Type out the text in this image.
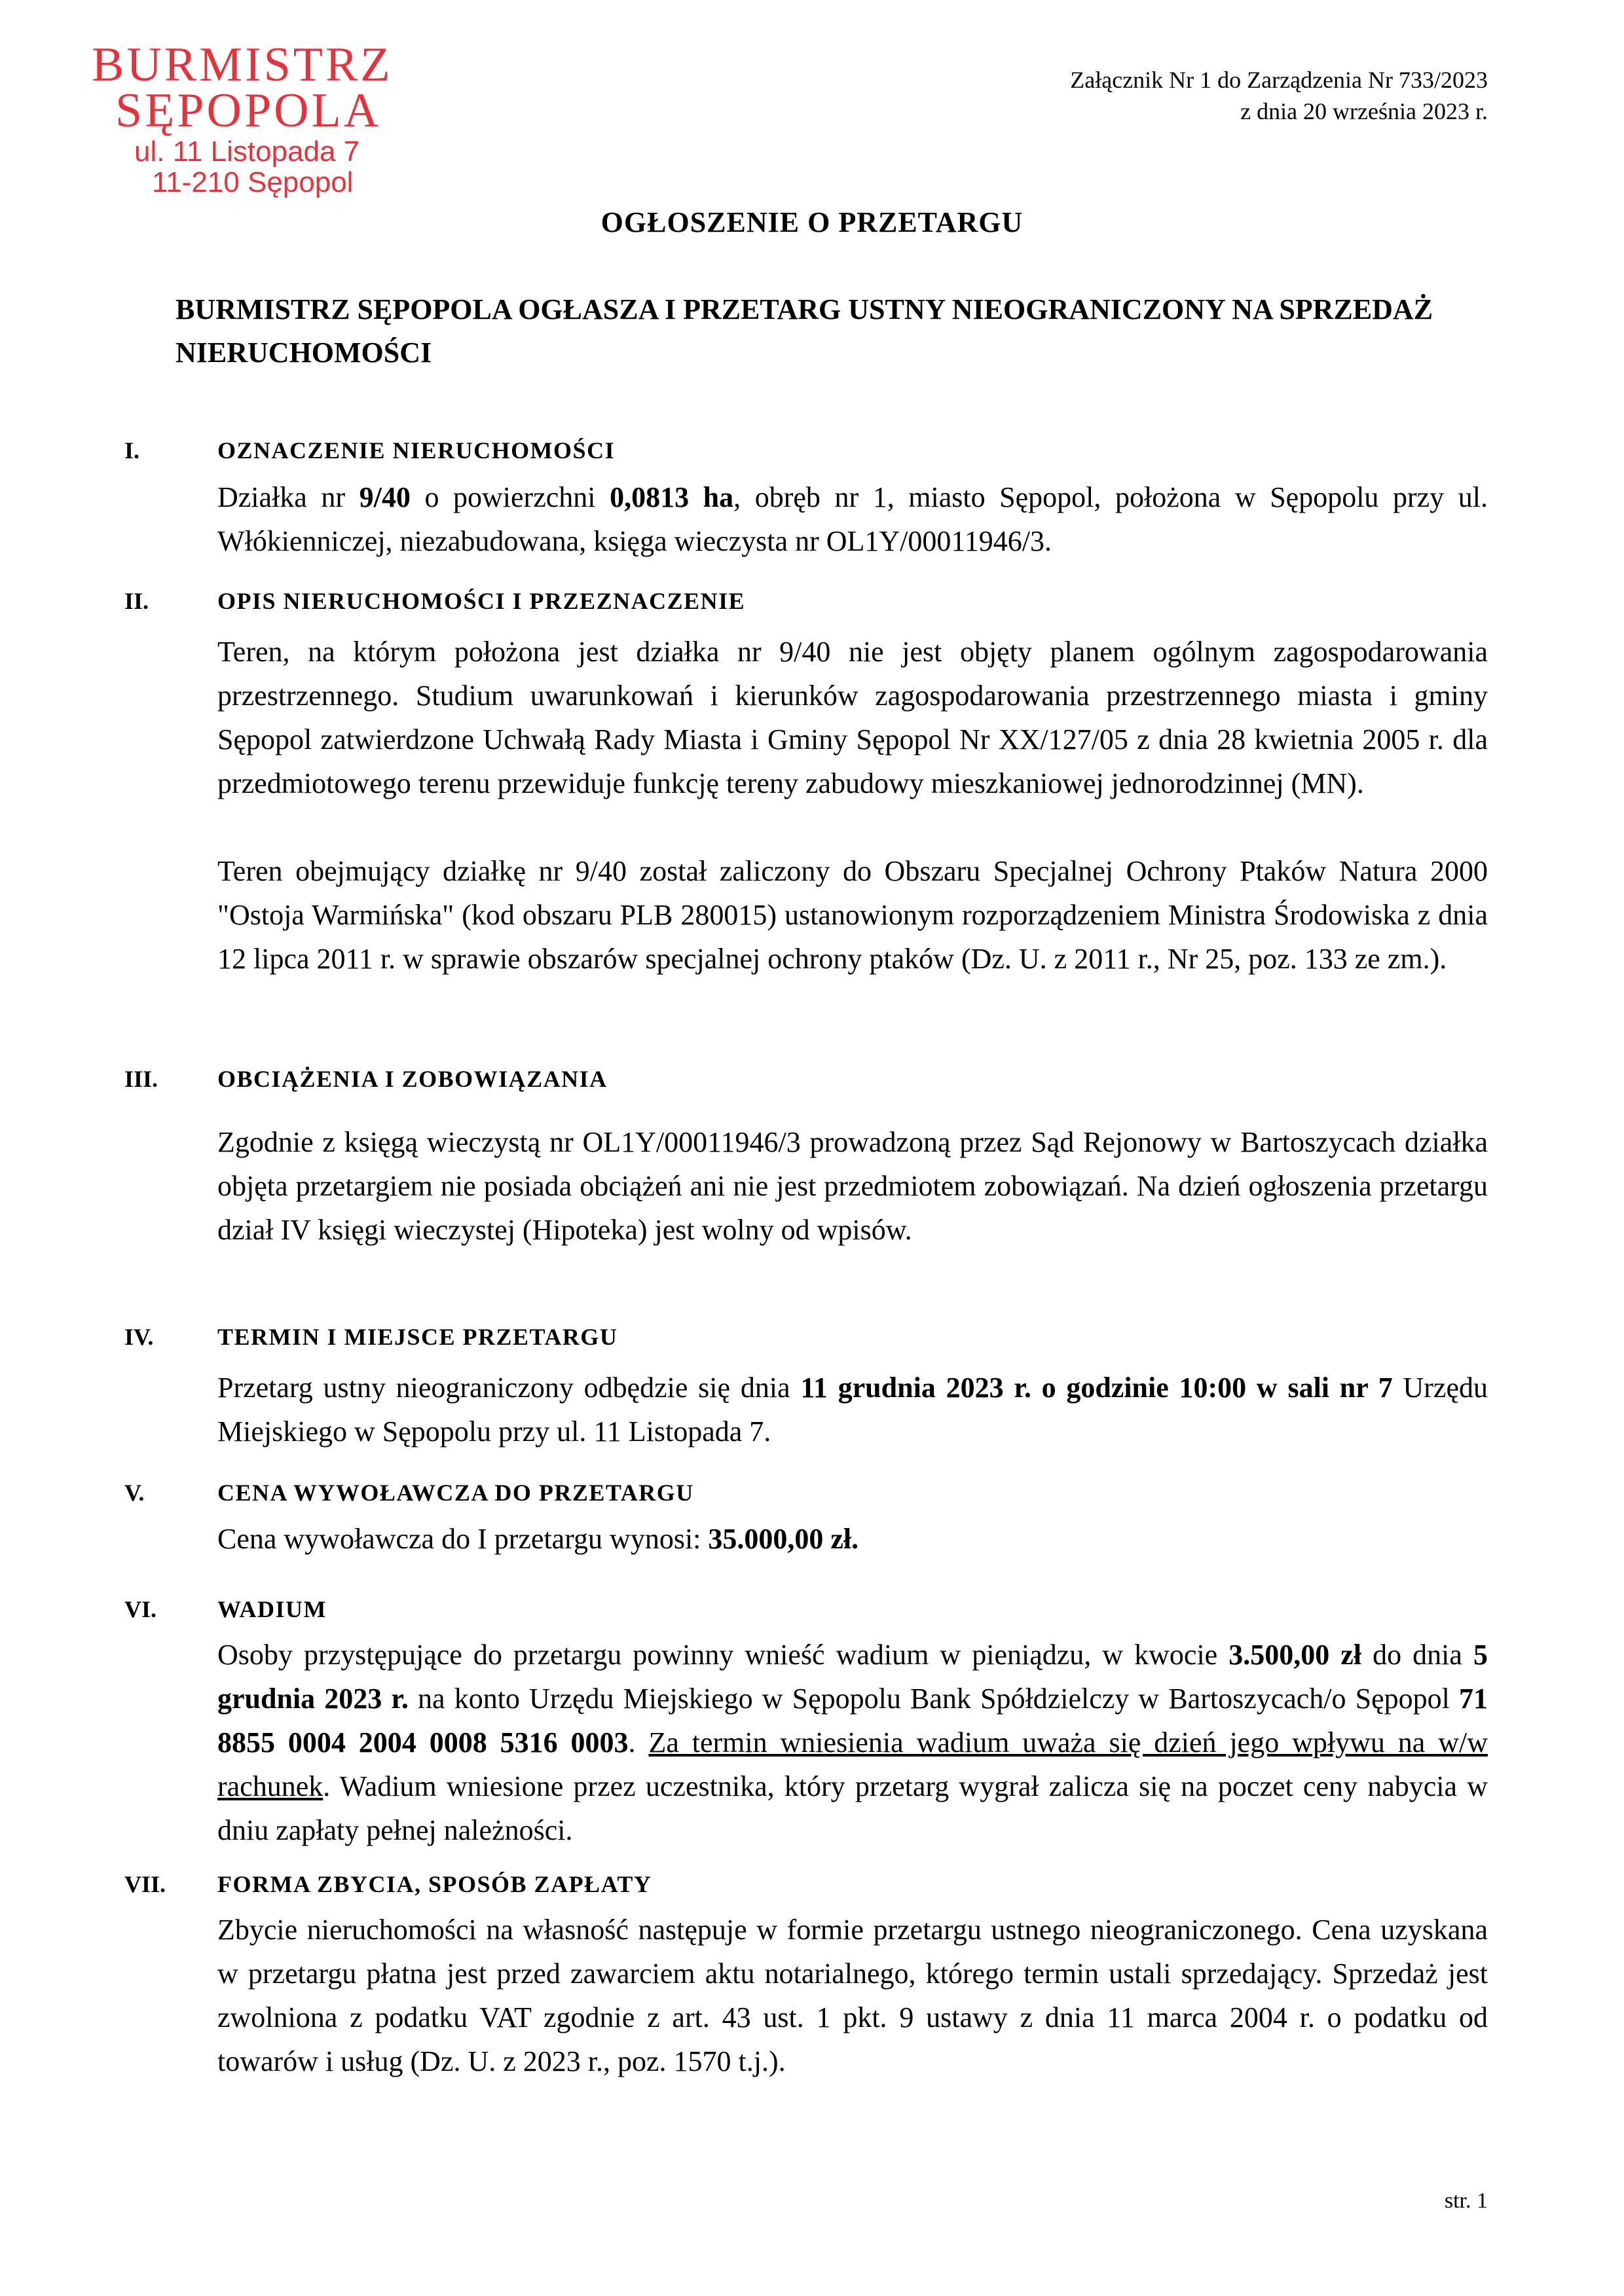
BURMISTRZ
SĘPOPOLA
ul. 11 Listopada 7
11-210 Sępopol
Załącznik Nr 1 do Zarządzenia Nr 733/2023
z dnia 20 września 2023 r.
OGŁOSZENIE O PRZETARGU
BURMISTRZ SĘPOPOLA OGŁASZA I PRZETARG USTNY NIEOGRANICZONY NA SPRZEDAŻ NIERUCHOMOŚCI
I.	OZNACZENIE NIERUCHOMOŚCI

Działka nr 9/40 o powierzchni 0,0813 ha, obręb nr 1, miasto Sępopol, położona w Sępopolu przy ul. Włókienniczej, niezabudowana, księga wieczysta nr OL1Y/00011946/3.

II.	OPIS NIERUCHOMOŚCI I PRZEZNACZENIE

Teren, na którym położona jest działka nr 9/40 nie jest objęty planem ogólnym zagospodarowania przestrzennego. Studium uwarunkowań i kierunków zagospodarowania przestrzennego miasta i gminy Sępopol zatwierdzone Uchwałą Rady Miasta i Gminy Sępopol Nr XX/127/05 z dnia 28 kwietnia 2005 r. dla przedmiotowego terenu przewiduje funkcję tereny zabudowy mieszkaniowej jednorodzinnej (MN).

Teren obejmujący działkę nr 9/40 został zaliczony do Obszaru Specjalnej Ochrony Ptaków Natura 2000 "Ostoja Warmińska" (kod obszaru PLB 280015) ustanowionym rozporządzeniem Ministra Środowiska z dnia 12 lipca 2011 r. w sprawie obszarów specjalnej ochrony ptaków (Dz. U. z 2011 r., Nr 25, poz. 133 ze zm.).

III.	OBCIĄŻENIA I ZOBOWIĄZANIA

Zgodnie z księgą wieczystą nr OL1Y/00011946/3 prowadzoną przez Sąd Rejonowy w Bartoszycach działka objęta przetargiem nie posiada obciążeń ani nie jest przedmiotem zobowiązań. Na dzień ogłoszenia przetargu dział IV księgi wieczystej (Hipoteka) jest wolny od wpisów.

IV.	TERMIN I MIEJSCE PRZETARGU

Przetarg ustny nieograniczony odbędzie się dnia 11 grudnia 2023 r. o godzinie 10:00 w sali nr 7 Urzędu Miejskiego w Sępopolu przy ul. 11 Listopada 7.

V.	CENA WYWOŁAWCZA DO PRZETARGU

Cena wywoławcza do I przetargu wynosi: 35.000,00 zł.

VI.	WADIUM

Osoby przystępujące do przetargu powinny wnieść wadium w pieniądzu, w kwocie 3.500,00 zł do dnia 5 grudnia 2023 r. na konto Urzędu Miejskiego w Sępopolu Bank Spółdzielczy w Bartoszycach/o Sępopol 71 8855 0004 2004 0008 5316 0003. Za termin wniesienia wadium uważa się dzień jego wpływu na w/w rachunek. Wadium wniesione przez uczestnika, który przetarg wygrał zalicza się na poczet ceny nabycia w dniu zapłaty pełnej należności.

VII. FORMA ZBYCIA, SPOSÓB ZAPŁATY

Zbycie nieruchomości na własność następuje w formie przetargu ustnego nieograniczonego. Cena uzyskana w przetargu płatna jest przed zawarciem aktu notarialnego, którego termin ustali sprzedający. Sprzedaż jest zwolniona z podatku VAT zgodnie z art. 43 ust. 1 pkt. 9 ustawy z dnia 11 marca 2004 r. o podatku od towarów i usług (Dz. U. z 2023 r., poz. 1570 t.j.).

str. 1
